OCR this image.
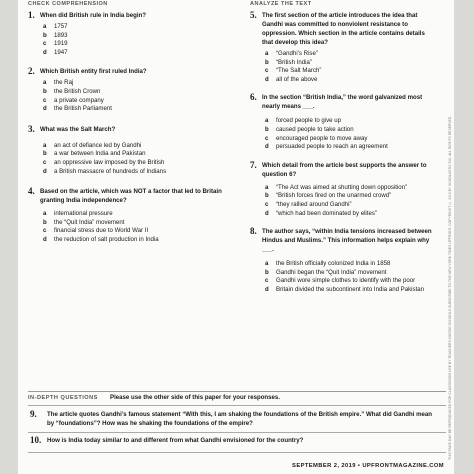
CHECK COMPREHENSION	ANALYZE THE TEXT
1. When did British rule in India begin?
a	1757
b	1893
c	1919
d	1947
2. Which British entity first ruled India?
a	the Raj
b	the British Crown
c	a private company
d	the British Parliament
3. What was the Salt March?
a	an act of defiance led by Gandhi
b	a war between India and Pakistan
c	an oppressive law imposed by the British
d	a British massacre of hundreds of Indians
4. Based on the article, which was NOT a factor that led to Britain granting India independence?
a	international pressure
b	the “Quit India” movement
c	financial stress due to World War II
d	the reduction of salt production in India
5. The first section of the article introduces the idea that Gandhi was committed to nonviolent resistance to oppression. Which section in the article contains details that develop this idea?
a	“Gandhi’s Rise”
b	“British India”
c	“The Salt March”
d	all of the above
6. In the section “British India,” the word galvanized most nearly means ___.
a	forced people to give up
b	caused people to take action
c	encouraged people to move away
d	persuaded people to reach an agreement
7. Which detail from the article best supports the answer to question 6?
a	“The Act was aimed at shutting down opposition”
b	“British forces fired on the unarmed crowd”
c	“they rallied around Gandhi”
d	“which had been dominated by elites”
8. The author says, “within India tensions increased between Hindus and Muslims.” This information helps explain why ___.
a	the British officially colonized India in 1858
b	Gandhi began the “Quit India” movement
c	Gandhi wore simple clothes to identify with the poor
d	Britain divided the subcontinent into India and Pakistan	THIS PAGE MAY BE REPRODUCED FOR CLASSROOM USE BY TEACHERS WHOSE SCHOOLS SUBSCRIBE TO THE NEW YORK TIMES UPFRONT. COPYRIGHT © 2019 BY SCHOLASTIC INC. ALL RIGHTS RESERVED.
IN-DEPTH QUESTIONS Please use the other side of this paper for your responses.
9. The article quotes Gandhi’s famous statement “With this, I am shaking the foundations of the British empire.” What did Gandhi mean by “foundations”? How was he shaking the foundations of the empire?
10. How is India today similar to and different from what Gandhi envisioned for the country?
SEPTEMBER 2, 2019 • UPFRONTMAGAZINE.COM
